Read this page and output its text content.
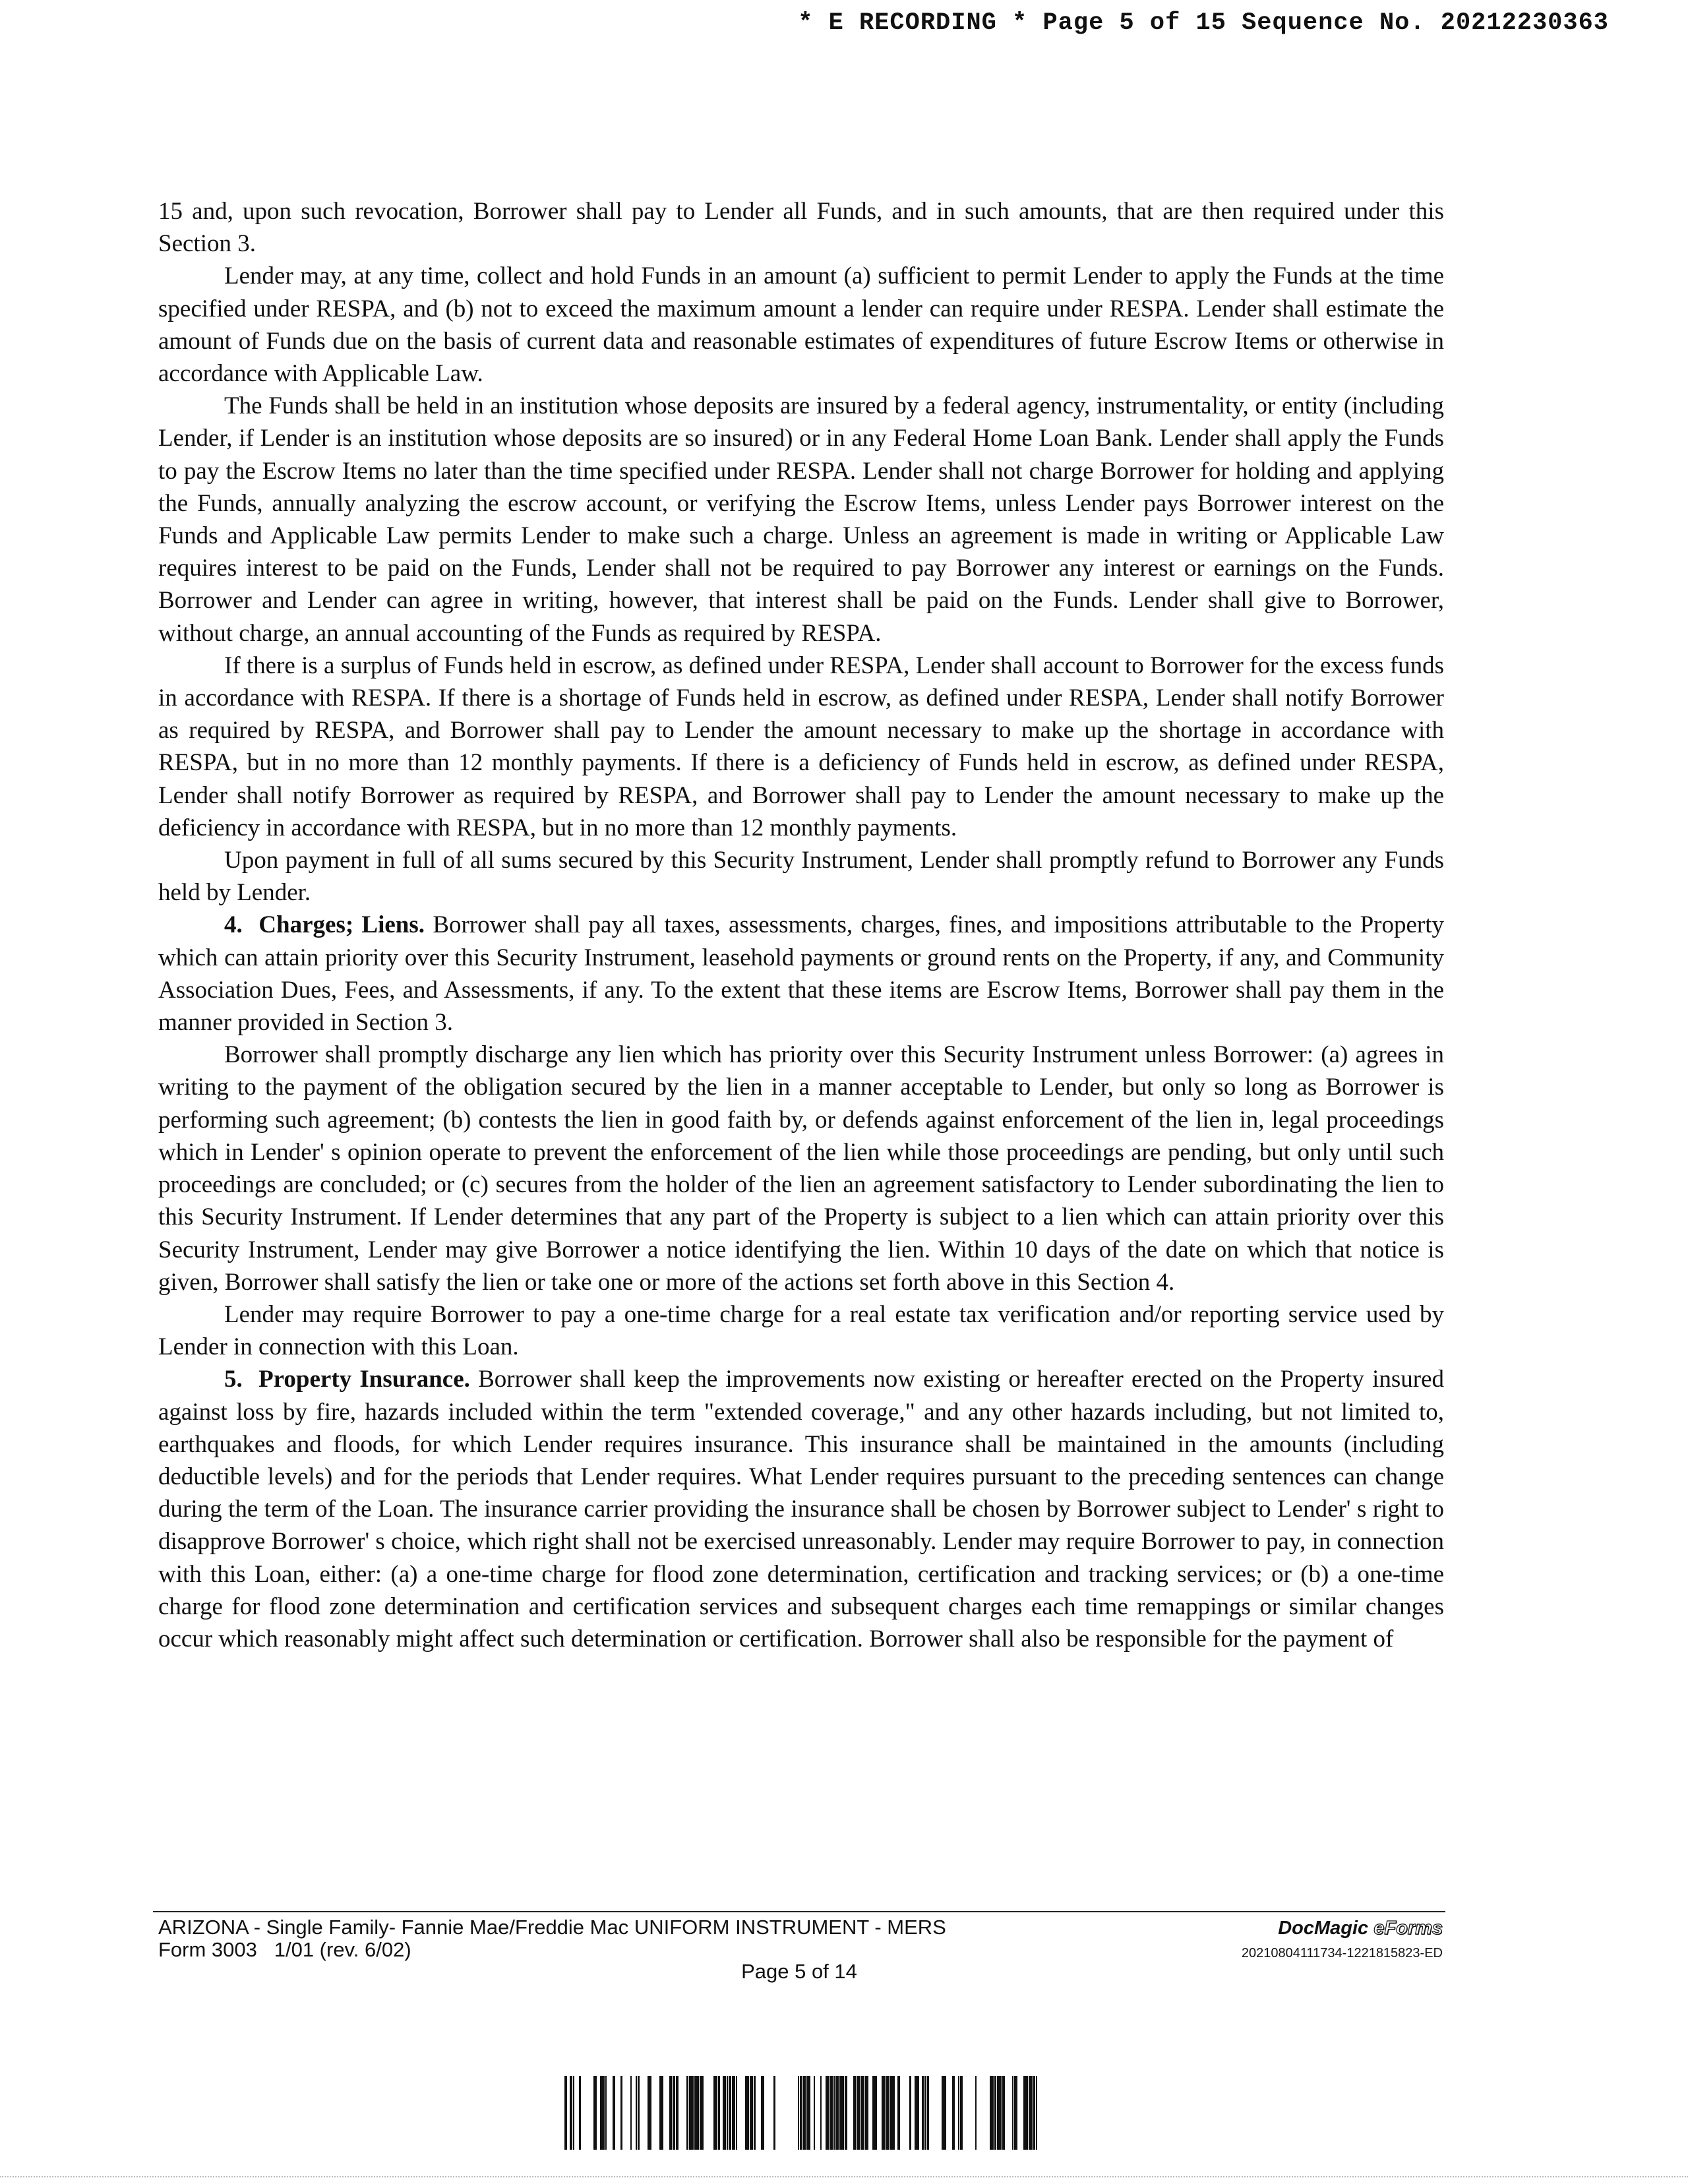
* E RECORDING * Page 5 of 15 Sequence No. 20212230363

15 and, upon such revocation, Borrower shall pay to Lender all Funds, and in such amounts, that are then required under this Section 3.

Lender may, at any time, collect and hold Funds in an amount (a) sufficient to permit Lender to apply the Funds at the time specified under RESPA, and (b) not to exceed the maximum amount a lender can require under RESPA. Lender shall estimate the amount of Funds due on the basis of current data and reasonable estimates of expenditures of future Escrow Items or otherwise in accordance with Applicable Law.

The Funds shall be held in an institution whose deposits are insured by a federal agency, instrumentality, or entity (including Lender, if Lender is an institution whose deposits are so insured) or in any Federal Home Loan Bank. Lender shall apply the Funds to pay the Escrow Items no later than the time specified under RESPA. Lender shall not charge Borrower for holding and applying the Funds, annually analyzing the escrow account, or verifying the Escrow Items, unless Lender pays Borrower interest on the Funds and Applicable Law permits Lender to make such a charge. Unless an agreement is made in writing or Applicable Law requires interest to be paid on the Funds, Lender shall not be required to pay Borrower any interest or earnings on the Funds. Borrower and Lender can agree in writing, however, that interest shall be paid on the Funds. Lender shall give to Borrower, without charge, an annual accounting of the Funds as required by RESPA.

If there is a surplus of Funds held in escrow, as defined under RESPA, Lender shall account to Borrower for the excess funds in accordance with RESPA. If there is a shortage of Funds held in escrow, as defined under RESPA, Lender shall notify Borrower as required by RESPA, and Borrower shall pay to Lender the amount necessary to make up the shortage in accordance with RESPA, but in no more than 12 monthly payments. If there is a deficiency of Funds held in escrow, as defined under RESPA, Lender shall notify Borrower as required by RESPA, and Borrower shall pay to Lender the amount necessary to make up the deficiency in accordance with RESPA, but in no more than 12 monthly payments.

Upon payment in full of all sums secured by this Security Instrument, Lender shall promptly refund to Borrower any Funds held by Lender.

4. Charges; Liens. Borrower shall pay all taxes, assessments, charges, fines, and impositions attributable to the Property which can attain priority over this Security Instrument, leasehold payments or ground rents on the Property, if any, and Community Association Dues, Fees, and Assessments, if any. To the extent that these items are Escrow Items, Borrower shall pay them in the manner provided in Section 3.

Borrower shall promptly discharge any lien which has priority over this Security Instrument unless Borrower: (a) agrees in writing to the payment of the obligation secured by the lien in a manner acceptable to Lender, but only so long as Borrower is performing such agreement; (b) contests the lien in good faith by, or defends against enforcement of the lien in, legal proceedings which in Lender' s opinion operate to prevent the enforcement of the lien while those proceedings are pending, but only until such proceedings are concluded; or (c) secures from the holder of the lien an agreement satisfactory to Lender subordinating the lien to this Security Instrument. If Lender determines that any part of the Property is subject to a lien which can attain priority over this Security Instrument, Lender may give Borrower a notice identifying the lien. Within 10 days of the date on which that notice is given, Borrower shall satisfy the lien or take one or more of the actions set forth above in this Section 4.

Lender may require Borrower to pay a one-time charge for a real estate tax verification and/or reporting service used by Lender in connection with this Loan.

5. Property Insurance. Borrower shall keep the improvements now existing or hereafter erected on the Property insured against loss by fire, hazards included within the term "extended coverage," and any other hazards including, but not limited to, earthquakes and floods, for which Lender requires insurance. This insurance shall be maintained in the amounts (including deductible levels) and for the periods that Lender requires. What Lender requires pursuant to the preceding sentences can change during the term of the Loan. The insurance carrier providing the insurance shall be chosen by Borrower subject to Lender' s right to disapprove Borrower' s choice, which right shall not be exercised unreasonably. Lender may require Borrower to pay, in connection with this Loan, either: (a) a one-time charge for flood zone determination, certification and tracking services; or (b) a one-time charge for flood zone determination and certification services and subsequent charges each time remappings or similar changes occur which reasonably might affect such determination or certification. Borrower shall also be responsible for the payment of

ARIZONA - Single Family- Fannie Mae/Freddie Mac UNIFORM INSTRUMENT - MERS
Form 3003   1/01 (rev. 6/02)
Page 5 of 14
DocMagic eForms
20210804111734-1221815823-ED
